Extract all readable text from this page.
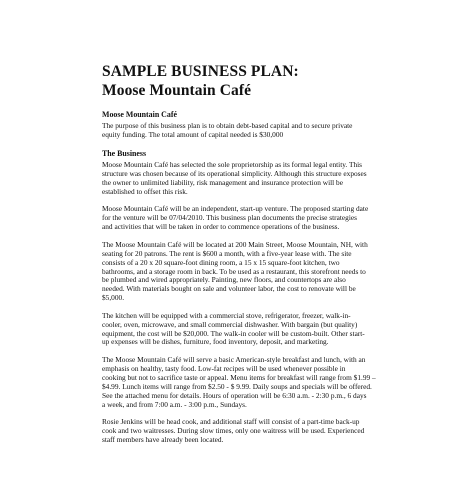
SAMPLE BUSINESS PLAN:
Moose Mountain Café

Moose Mountain Café

The purpose of this business plan is to obtain debt-based capital and to secure private
equity funding. The total amount of capital needed is $30,000

The Business

Moose Mountain Café has selected the sole proprietorship as its formal legal entity. This
structure was chosen because of its operational simplicity. Although this structure exposes
the owner to unlimited liability, risk management and insurance protection will be
established to offset this risk.

Moose Mountain Café will be an independent, start-up venture. The proposed starting date
for the venture will be 07/04/2010. This business plan documents the precise strategies
and activities that will be taken in order to commence operations of the business.

The Moose Mountain Café will be located at 200 Main Street, Moose Mountain, NH, with
seating for 20 patrons. The rent is $600 a month, with a five-year lease with. The site
consists of a 20 x 20 square-foot dining room, a 15 x 15 square-foot kitchen, two
bathrooms, and a storage room in back. To be used as a restaurant, this storefront needs to
be plumbed and wired appropriately. Painting, new floors, and countertops are also
needed. With materials bought on sale and volunteer labor, the cost to renovate will be
$5,000.

The kitchen will be equipped with a commercial stove, refrigerator, freezer, walk-in-
cooler, oven, microwave, and small commercial dishwasher. With bargain (but quality)
equipment, the cost will be $20,000. The walk-in cooler will be custom-built. Other start-
up expenses will be dishes, furniture, food inventory, deposit, and marketing.

The Moose Mountain Café will serve a basic American-style breakfast and lunch, with an
emphasis on healthy, tasty food. Low-fat recipes will be used whenever possible in
cooking but not to sacrifice taste or appeal. Menu items for breakfast will range from $1.99 –
$4.99. Lunch items will range from $2.50 - $ 9.99. Daily soups and specials will be offered.
See the attached menu for details. Hours of operation will be 6:30 a.m. - 2:30 p.m., 6 days
a week, and from 7:00 a.m. - 3:00 p.m., Sundays.

Rosie Jenkins will be head cook, and additional staff will consist of a part-time back-up
cook and two waitresses. During slow times, only one waitress will be used. Experienced
staff members have already been located.
